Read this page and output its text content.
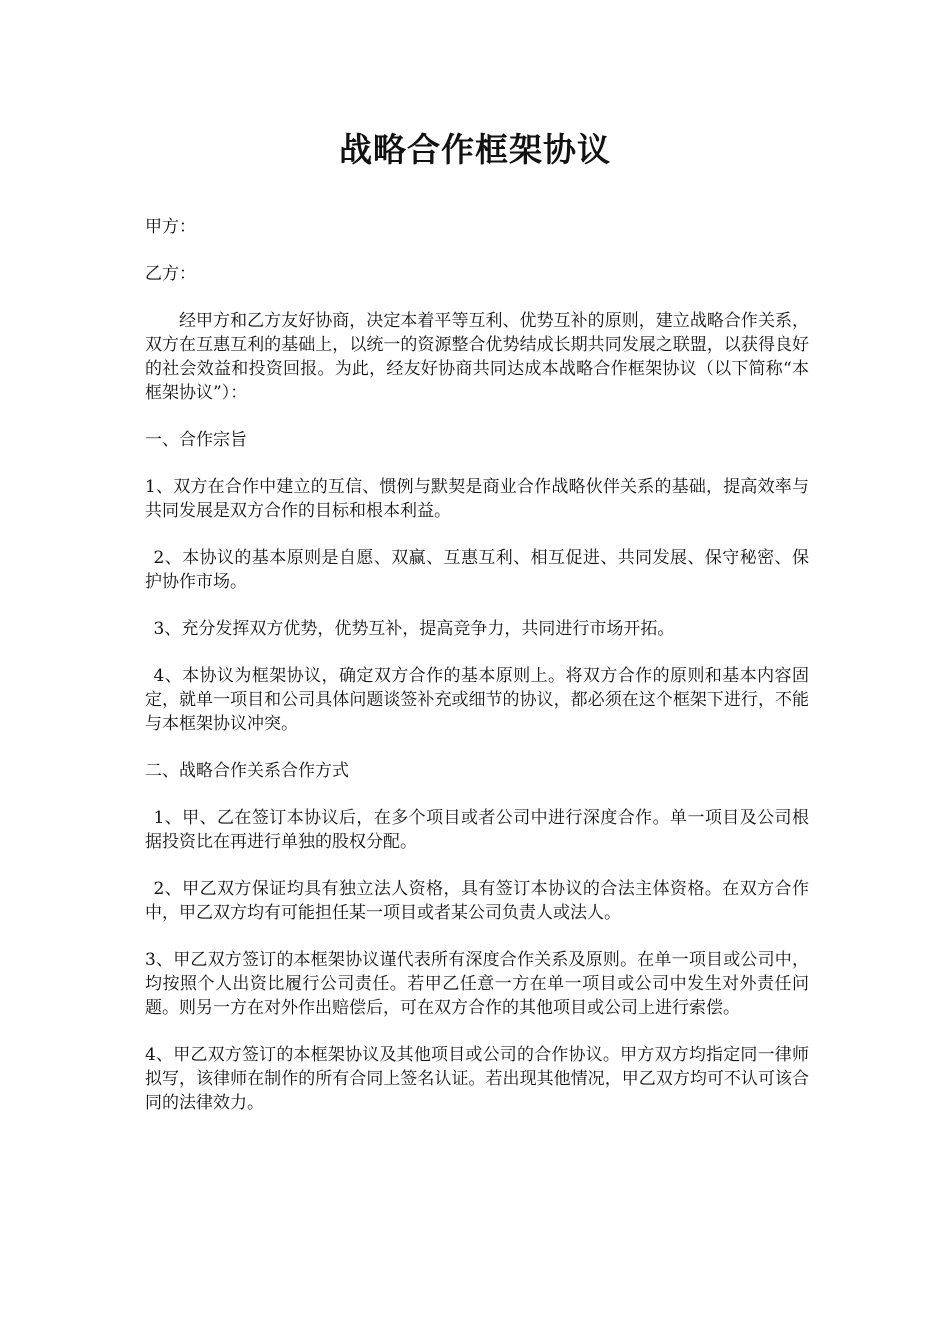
战略合作框架协议

甲方：

乙方：

经甲方和乙方友好协商，决定本着平等互利、优势互补的原则，建立战略合作关系，双方在互惠互利的基础上，以统一的资源整合优势结成长期共同发展之联盟，以获得良好的社会效益和投资回报。为此，经友好协商共同达成本战略合作框架协议（以下简称“本框架协议”）：

一、合作宗旨

1、双方在合作中建立的互信、惯例与默契是商业合作战略伙伴关系的基础，提高效率与共同发展是双方合作的目标和根本利益。

2、本协议的基本原则是自愿、双赢、互惠互利、相互促进、共同发展、保守秘密、保护协作市场。

3、充分发挥双方优势，优势互补，提高竞争力，共同进行市场开拓。

4、本协议为框架协议，确定双方合作的基本原则上。将双方合作的原则和基本内容固定，就单一项目和公司具体问题谈签补充或细节的协议，都必须在这个框架下进行，不能与本框架协议冲突。

二、战略合作关系合作方式

1、甲、乙在签订本协议后，在多个项目或者公司中进行深度合作。单一项目及公司根据投资比在再进行单独的股权分配。

2、甲乙双方保证均具有独立法人资格，具有签订本协议的合法主体资格。在双方合作中，甲乙双方均有可能担任某一项目或者某公司负责人或法人。

3、甲乙双方签订的本框架协议谨代表所有深度合作关系及原则。在单一项目或公司中，均按照个人出资比履行公司责任。若甲乙任意一方在单一项目或公司中发生对外责任问题。则另一方在对外作出赔偿后，可在双方合作的其他项目或公司上进行索偿。

4、甲乙双方签订的本框架协议及其他项目或公司的合作协议。甲方双方均指定同一律师拟写，该律师在制作的所有合同上签名认证。若出现其他情况，甲乙双方均可不认可该合同的法律效力。
